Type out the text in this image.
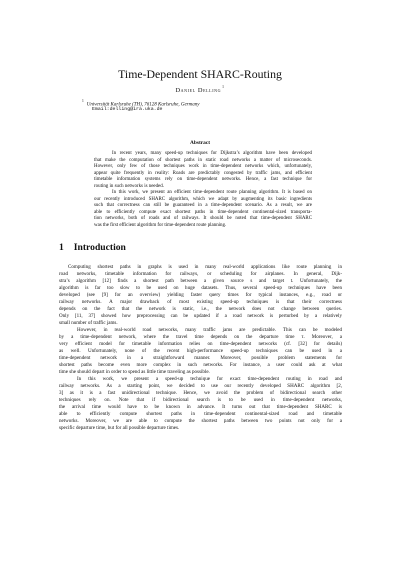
Time-Dependent SHARC-Routing
Daniel Delling$^1$
$^1$Universität Karlsruhe (TH), 76128 Karlsruhe, Germany
Email:delling@ira.uka.de
Abstract

In recent years, many speed-up techniques for Dijkstra’s algorithm have been developed
that make the computation of shortest paths in static road networks a matter of microseconds.
However, only few of those techniques work in time-dependent networks which, unfortunately,
appear quite frequently in reality: Roads are predictably congested by traffic jams, and efficient
timetable information systems rely on time-dependent networks. Hence, a fast technique for
routing in such networks is needed.

In this work, we present an efficient time-dependent route planning algorithm. It is based on
our recently introduced SHARC algorithm, which we adapt by augmenting its basic ingredients
such that correctness can still be guaranteed in a time-dependent scenario. As a result, we are
able to efficiently compute exact shortest paths in time-dependent continental-sized transporta-
tion networks, both of roads and of railways. It should be noted that time-dependent SHARC
was the first efficient algorithm for time-dependent route planning.

1 Introduction

Computing shortest paths in graphs is used in many real-world applications like route planning in
road networks, timetable information for railways, or scheduling for airplanes. In general, Dijk-
stra’s algorithm [12] finds a shortest path between a given source s and target t. Unfortunately, the
algorithm is far too slow to be used on huge datasets. Thus, several speed-up techniques have been
developed (see [9] for an overview) yielding faster query times for typical instances, e.g., road or
railway networks. A major drawback of most existing speed-up techniques is that their correctness
depends on the fact that the network is static, i.e., the network does not change between queries.
Only [11, 37] showed how preprocessing can be updated if a road network is perturbed by a relatively
small number of traffic jams.

However, in real-world road networks, many traffic jams are predictable. This can be modeled
by a time-dependent network, where the travel time depends on the departure time τ. Moreover, a
very efficient model for timetable information relies on time-dependent networks (cf. [32] for details)
as well. Unfortunately, none of the recent high-performance speed-up techniques can be used in a
time-dependent network in a straightforward manner. Moreover, possible problem statements for
shortest paths become even more complex in such networks. For instance, a user could ask at what
time she should depart in order to spend as little time traveling as possible.

In this work, we present a speed-up technique for exact time-dependent routing in road and
railway networks. As a starting point, we decided to use our recently developed SHARC algorithm [2,
3] as it is a fast unidirectional technique. Hence, we avoid the problem of bidirectional search other
techniques rely on. Note that if bidirectional search is to be used in time-dependent networks,
the arrival time would have to be known in advance. It turns out that time-dependent SHARC is
able to efficiently compute shortest paths in time-dependent continental-sized road and timetable
networks. Moreover, we are able to compute the shortest paths between two points not only for a
specific departure time, but for all possible departure times.
